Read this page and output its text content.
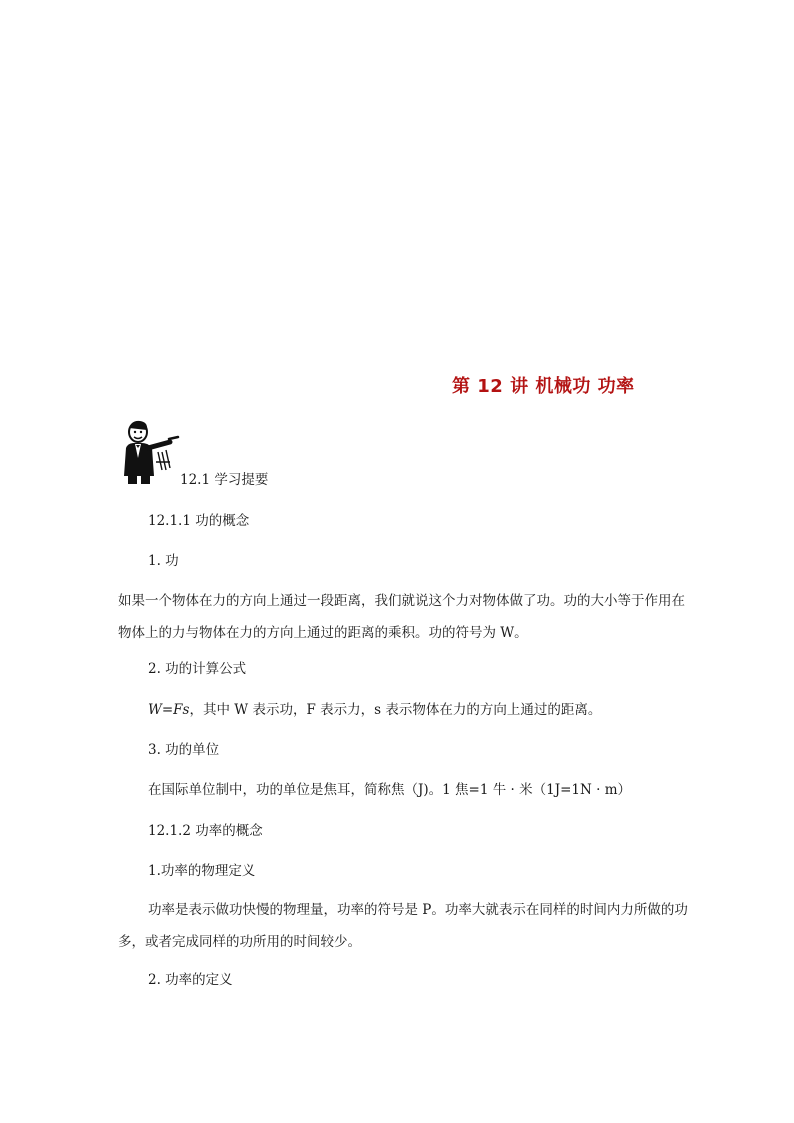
第 12 讲 机械功 功率
12.1 学习提要
12.1.1 功的概念
1. 功
如果一个物体在力的方向上通过一段距离，我们就说这个力对物体做了功。功的大小等于作用在物体上的力与物体在力的方向上通过的距离的乘积。功的符号为 W。
2. 功的计算公式
W=Fs，其中 W 表示功，F 表示力，s 表示物体在力的方向上通过的距离。
3. 功的单位
在国际单位制中，功的单位是焦耳，简称焦（J)。1 焦=1 牛 · 米（1J=1N · m）
12.1.2 功率的概念
1.功率的物理定义
功率是表示做功快慢的物理量，功率的符号是 P。功率大就表示在同样的时间内力所做的功多，或者完成同样的功所用的时间较少。
2. 功率的定义
